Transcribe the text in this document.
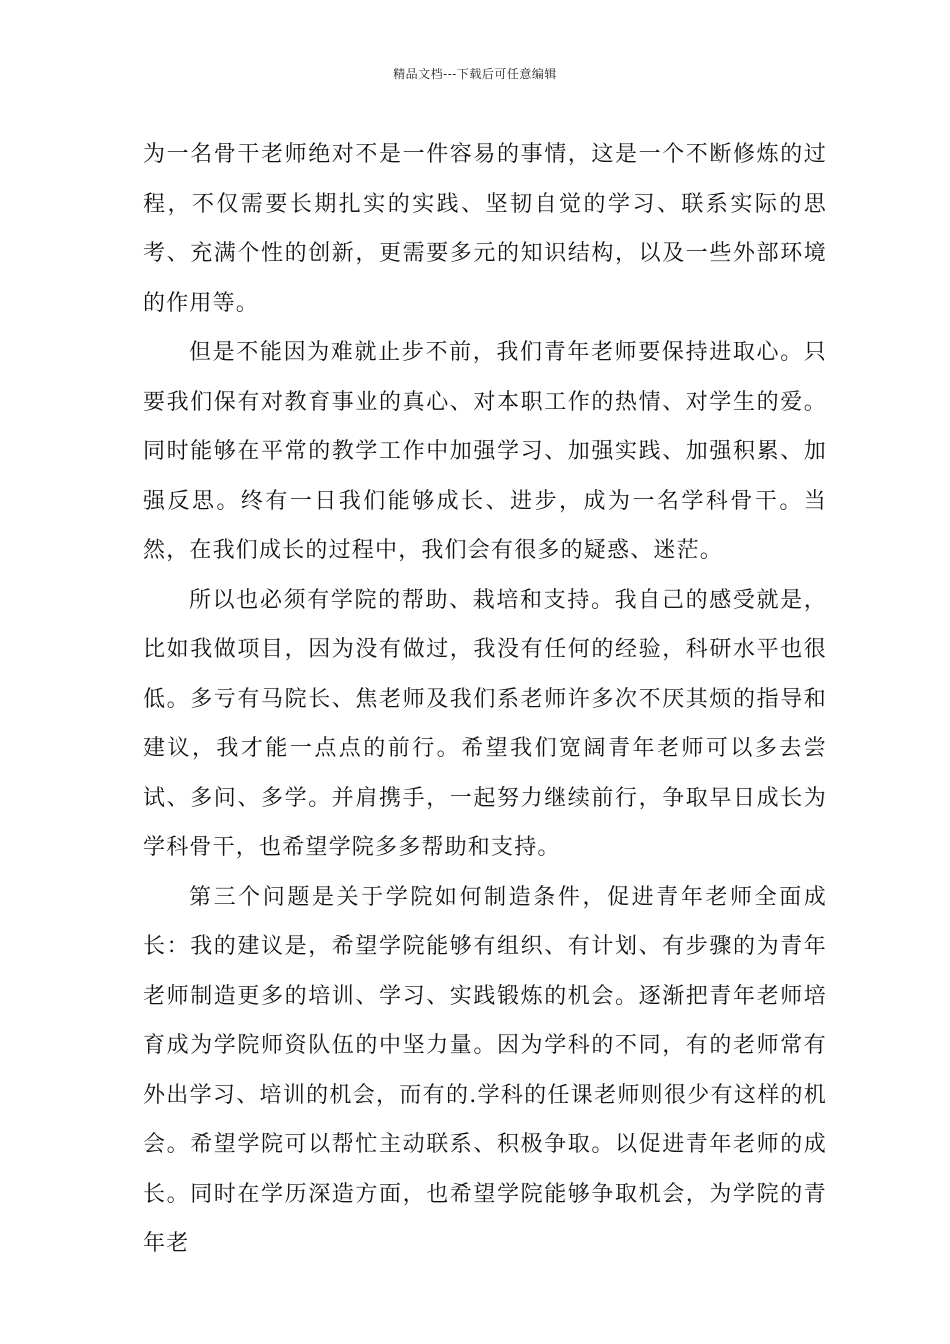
精品文档---下载后可任意编辑

为一名骨干老师绝对不是一件容易的事情，这是一个不断修炼的过程，不仅需要长期扎实的实践、坚韧自觉的学习、联系实际的思考、充满个性的创新，更需要多元的知识结构，以及一些外部环境的作用等。

但是不能因为难就止步不前，我们青年老师要保持进取心。只要我们保有对教育事业的真心、对本职工作的热情、对学生的爱。同时能够在平常的教学工作中加强学习、加强实践、加强积累、加强反思。终有一日我们能够成长、进步，成为一名学科骨干。当然，在我们成长的过程中，我们会有很多的疑惑、迷茫。

所以也必须有学院的帮助、栽培和支持。我自己的感受就是，比如我做项目，因为没有做过，我没有任何的经验，科研水平也很低。多亏有马院长、焦老师及我们系老师许多次不厌其烦的指导和建议，我才能一点点的前行。希望我们宽阔青年老师可以多去尝试、多问、多学。并肩携手，一起努力继续前行，争取早日成长为学科骨干，也希望学院多多帮助和支持。

第三个问题是关于学院如何制造条件，促进青年老师全面成长：我的建议是，希望学院能够有组织、有计划、有步骤的为青年老师制造更多的培训、学习、实践锻炼的机会。逐渐把青年老师培育成为学院师资队伍的中坚力量。因为学科的不同，有的老师常有外出学习、培训的机会，而有的.学科的任课老师则很少有这样的机会。希望学院可以帮忙主动联系、积极争取。以促进青年老师的成长。同时在学历深造方面，也希望学院能够争取机会，为学院的青年老
